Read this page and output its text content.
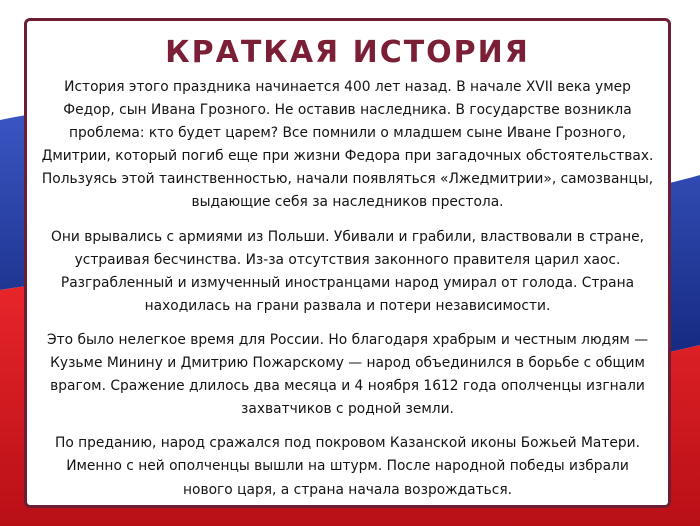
КРАТКАЯ ИСТОРИЯ

История этого праздника начинается 400 лет назад. В начале XVII века умер Федор, сын Ивана Грозного. Не оставив наследника. В государстве возникла проблема: кто будет царем? Все помнили о младшем сыне Иване Грозного, Дмитрии, который погиб еще при жизни Федора при загадочных обстоятельствах. Пользуясь этой таинственностью, начали появляться «Лжедмитрии», самозванцы, выдающие себя за наследников престола.

Они врывались с армиями из Польши. Убивали и грабили, властвовали в стране, устраивая бесчинства. Из-за отсутствия законного правителя царил хаос. Разграбленный и измученный иностранцами народ умирал от голода. Страна находилась на грани развала и потери независимости.

Это было нелегкое время для России. Но благодаря храбрым и честным людям — Кузьме Минину и Дмитрию Пожарскому — народ объединился в борьбе с общим врагом. Сражение длилось два месяца и 4 ноября 1612 года ополченцы изгнали захватчиков с родной земли.

По преданию, народ сражался под покровом Казанской иконы Божьей Матери. Именно с ней ополченцы вышли на штурм. После народной победы избрали нового царя, а страна начала возрождаться.
